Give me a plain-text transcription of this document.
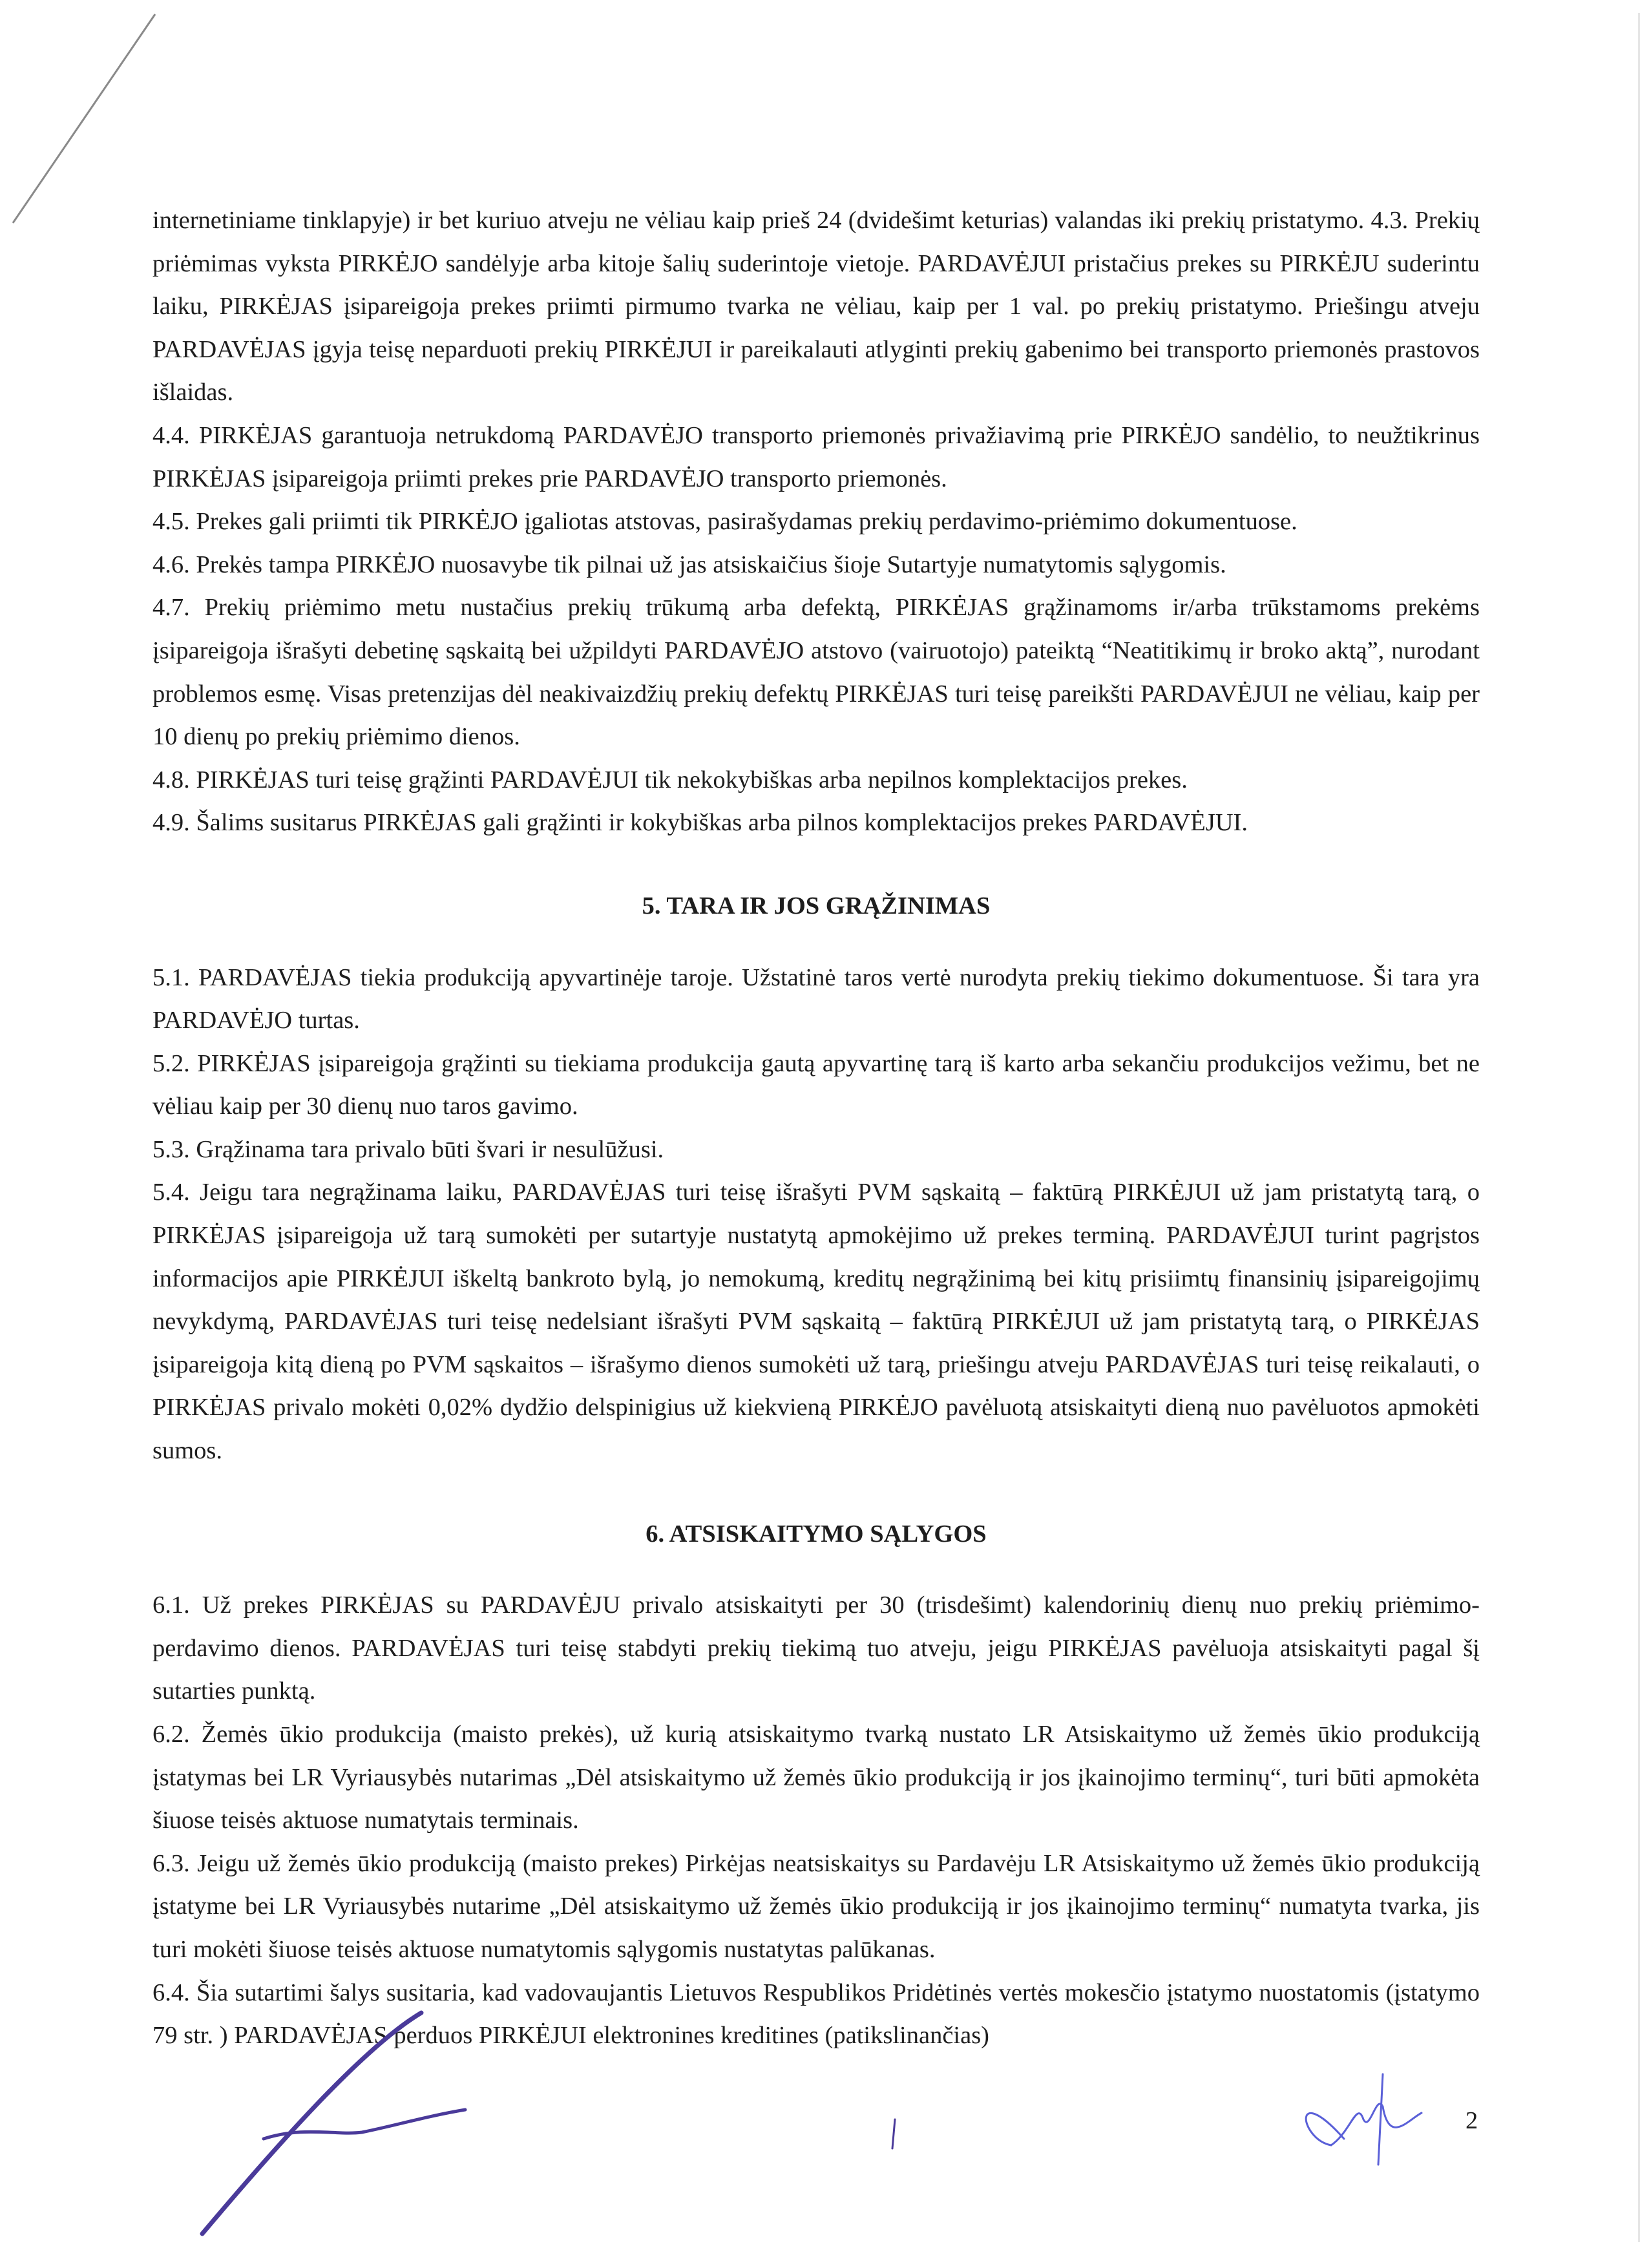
internetiniame tinklapyje) ir bet kuriuo atveju ne vėliau kaip prieš 24 (dvidešimt keturias) valandas iki prekių pristatymo. 4.3. Prekių priėmimas vyksta PIRKĖJO sandėlyje arba kitoje šalių suderintoje vietoje. PARDAVĖJUI pristačius prekes su PIRKĖJU suderintu laiku, PIRKĖJAS įsipareigoja prekes priimti pirmumo tvarka ne vėliau, kaip per 1 val. po prekių pristatymo. Priešingu atveju PARDAVĖJAS įgyja teisę neparduoti prekių PIRKĖJUI ir pareikalauti atlyginti prekių gabenimo bei transporto priemonės prastovos išlaidas.

4.4. PIRKĖJAS garantuoja netrukdomą PARDAVĖJO transporto priemonės privažiavimą prie PIRKĖJO sandėlio, to neužtikrinus PIRKĖJAS įsipareigoja priimti prekes prie PARDAVĖJO transporto priemonės.

4.5. Prekes gali priimti tik PIRKĖJO įgaliotas atstovas, pasirašydamas prekių perdavimo-priėmimo dokumentuose.

4.6. Prekės tampa PIRKĖJO nuosavybe tik pilnai už jas atsiskaičius šioje Sutartyje numatytomis sąlygomis.

4.7. Prekių priėmimo metu nustačius prekių trūkumą arba defektą, PIRKĖJAS grąžinamoms ir/arba trūkstamoms prekėms įsipareigoja išrašyti debetinę sąskaitą bei užpildyti PARDAVĖJO atstovo (vairuotojo) pateiktą “Neatitikimų ir broko aktą”, nurodant problemos esmę. Visas pretenzijas dėl neakivaizdžių prekių defektų PIRKĖJAS turi teisę pareikšti PARDAVĖJUI ne vėliau, kaip per 10 dienų po prekių priėmimo dienos.

4.8. PIRKĖJAS turi teisę grąžinti PARDAVĖJUI tik nekokybiškas arba nepilnos komplektacijos prekes.

4.9. Šalims susitarus PIRKĖJAS gali grąžinti ir kokybiškas arba pilnos komplektacijos prekes PARDAVĖJUI.

5. TARA IR JOS GRĄŽINIMAS

5.1. PARDAVĖJAS tiekia produkciją apyvartinėje taroje. Užstatinė taros vertė nurodyta prekių tiekimo dokumentuose. Ši tara yra PARDAVĖJO turtas.

5.2. PIRKĖJAS įsipareigoja grąžinti su tiekiama produkcija gautą apyvartinę tarą iš karto arba sekančiu produkcijos vežimu, bet ne vėliau kaip per 30 dienų nuo taros gavimo.

5.3. Grąžinama tara privalo būti švari ir nesulūžusi.

5.4. Jeigu tara negrąžinama laiku, PARDAVĖJAS turi teisę išrašyti PVM sąskaitą – faktūrą PIRKĖJUI už jam pristatytą tarą, o PIRKĖJAS įsipareigoja už tarą sumokėti per sutartyje nustatytą apmokėjimo už prekes terminą. PARDAVĖJUI turint pagrįstos informacijos apie PIRKĖJUI iškeltą bankroto bylą, jo nemokumą, kreditų negrąžinimą bei kitų prisiimtų finansinių įsipareigojimų nevykdymą, PARDAVĖJAS turi teisę nedelsiant išrašyti PVM sąskaitą – faktūrą PIRKĖJUI už jam pristatytą tarą, o PIRKĖJAS įsipareigoja kitą dieną po PVM sąskaitos – išrašymo dienos sumokėti už tarą, priešingu atveju PARDAVĖJAS turi teisę reikalauti, o PIRKĖJAS privalo mokėti 0,02% dydžio delspinigius už kiekvieną PIRKĖJO pavėluotą atsiskaityti dieną nuo pavėluotos apmokėti sumos.

6. ATSISKAITYMO SĄLYGOS

6.1. Už prekes PIRKĖJAS su PARDAVĖJU privalo atsiskaityti per 30 (trisdešimt) kalendorinių dienų nuo prekių priėmimo-perdavimo dienos. PARDAVĖJAS turi teisę stabdyti prekių tiekimą tuo atveju, jeigu PIRKĖJAS pavėluoja atsiskaityti pagal šį sutarties punktą.

6.2. Žemės ūkio produkcija (maisto prekės), už kurią atsiskaitymo tvarką nustato LR Atsiskaitymo už žemės ūkio produkciją įstatymas bei LR Vyriausybės nutarimas „Dėl atsiskaitymo už žemės ūkio produkciją ir jos įkainojimo terminų“, turi būti apmokėta šiuose teisės aktuose numatytais terminais.

6.3. Jeigu už žemės ūkio produkciją (maisto prekes) Pirkėjas neatsiskaitys su Pardavėju LR Atsiskaitymo už žemės ūkio produkciją įstatyme bei LR Vyriausybės nutarime „Dėl atsiskaitymo už žemės ūkio produkciją ir jos įkainojimo terminų“ numatyta tvarka, jis turi mokėti šiuose teisės aktuose numatytomis sąlygomis nustatytas palūkanas.

6.4. Šia sutartimi šalys susitaria, kad vadovaujantis Lietuvos Respublikos Pridėtinės vertės mokesčio įstatymo nuostatomis (įstatymo 79 str. ) PARDAVĖJAS perduos PIRKĖJUI elektronines kreditines (patikslinančias)

2
